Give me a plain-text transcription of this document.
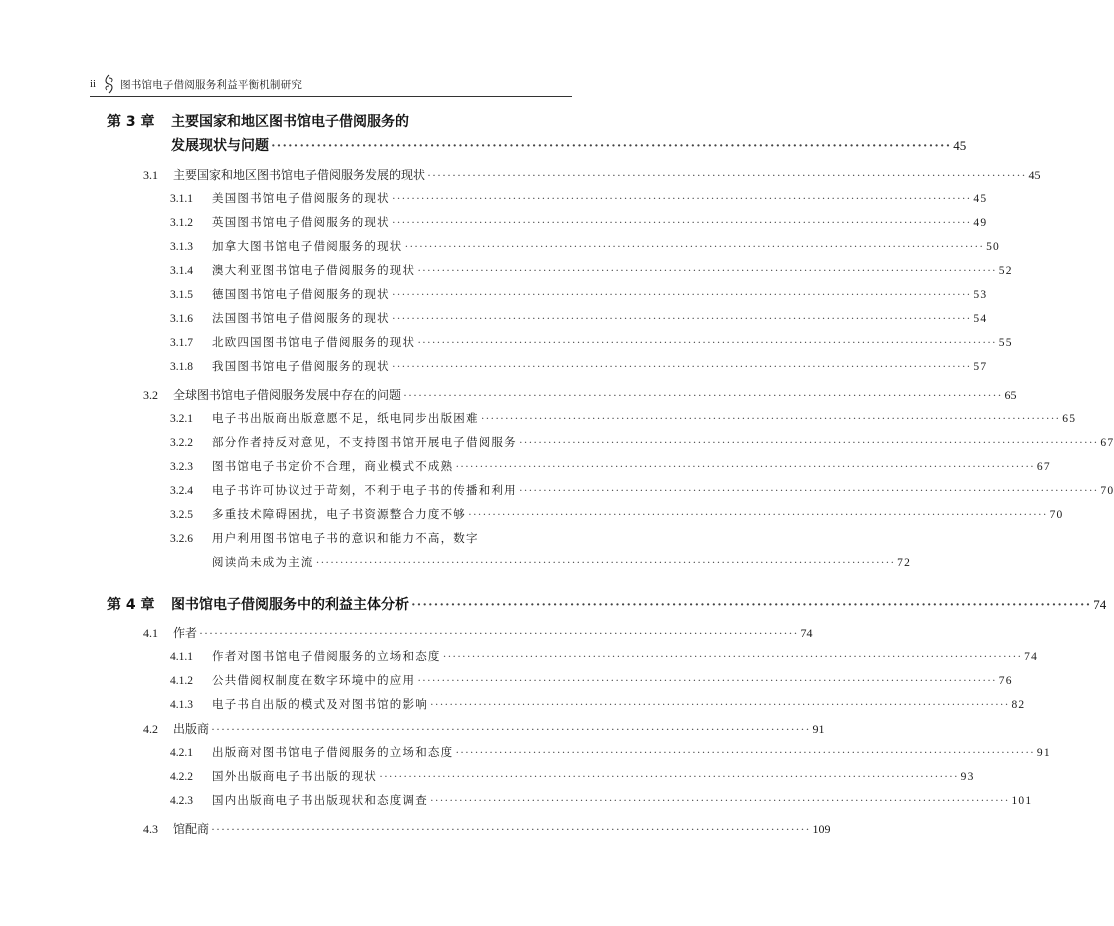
ii 图书馆电子借阅服务利益平衡机制研究
第 3 章	主要国家和地区图书馆电子借阅服务的
发展现状与问题 ························································································································ 45
3.1	主要国家和地区图书馆电子借阅服务发展的现状 ························································································································ 45
3.1.1	美国图书馆电子借阅服务的现状 ························································································································ 45
3.1.2	英国图书馆电子借阅服务的现状 ························································································································ 49
3.1.3	加拿大图书馆电子借阅服务的现状 ························································································································ 50
3.1.4	澳大利亚图书馆电子借阅服务的现状 ························································································································ 52
3.1.5	德国图书馆电子借阅服务的现状 ························································································································ 53
3.1.6	法国图书馆电子借阅服务的现状 ························································································································ 54
3.1.7	北欧四国图书馆电子借阅服务的现状 ························································································································ 55
3.1.8	我国图书馆电子借阅服务的现状 ························································································································ 57
3.2	全球图书馆电子借阅服务发展中存在的问题 ························································································································ 65
3.2.1	电子书出版商出版意愿不足，纸电同步出版困难 ························································································································ 65
3.2.2	部分作者持反对意见，不支持图书馆开展电子借阅服务 ························································································································ 67
3.2.3	图书馆电子书定价不合理，商业模式不成熟 ························································································································ 67
3.2.4	电子书许可协议过于苛刻，不利于电子书的传播和利用 ························································································································ 70
3.2.5	多重技术障碍困扰，电子书资源整合力度不够 ························································································································ 70
3.2.6	用户利用图书馆电子书的意识和能力不高，数字
阅读尚未成为主流 ························································································································ 72
第 4 章	图书馆电子借阅服务中的利益主体分析 ························································································································ 74
4.1	作者 ························································································································ 74
4.1.1	作者对图书馆电子借阅服务的立场和态度 ························································································································ 74
4.1.2	公共借阅权制度在数字环境中的应用 ························································································································ 76
4.1.3	电子书自出版的模式及对图书馆的影响 ························································································································ 82
4.2	出版商 ························································································································ 91
4.2.1	出版商对图书馆电子借阅服务的立场和态度 ························································································································ 91
4.2.2	国外出版商电子书出版的现状 ························································································································ 93
4.2.3	国内出版商电子书出版现状和态度调查 ························································································································ 101
4.3	馆配商 ························································································································ 109
